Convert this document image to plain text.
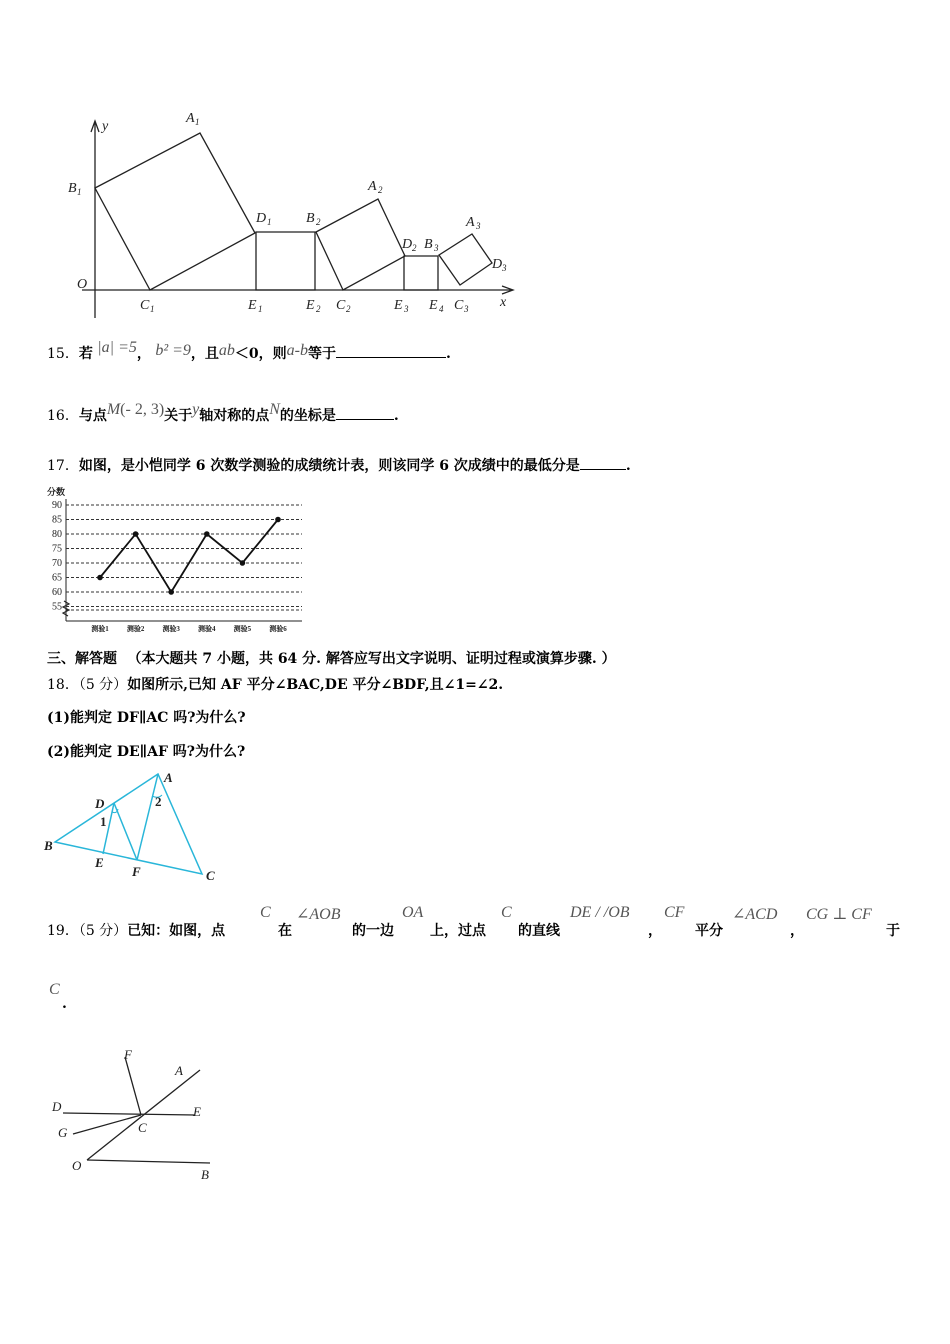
y
A 1
B 1	A 2
D 1 B 2
D 2 B 3
A 3
D 3
O
C 1	E 1	E 2 C 2	E 3 E 4 C 3 x
15．若 |a| =5， b² =9，且ab＜0，则a-b等于	.
16．与点M(- 2, 3)关于y轴对称的点N的坐标是	.
17．如图，是小恺同学 6 次数学测验的成绩统计表，则该同学 6 次成绩中的最低分是	.
分数
55
60
65
70
75
80
85
90
测验1	测验2	测验3	测验4	测验5	测验6
三、解答题 （本大题共 7 小题，共 64 分. 解答应写出文字说明、证明过程或演算步骤. ）
18．（5 分）如图所示,已知 AF 平分∠BAC,DE 平分∠BDF,且∠1=∠2.
(1)能判定 DF∥AC 吗?为什么?
(2)能判定 DE∥AF 吗?为什么?
A
B
C
D
E
F
1
2
19．（5 分）已知：如图，点
C
在
∠AOB
的一边
OA
上，过点
C
的直线
DE / /OB
，
CF
平分
∠ACD
，
CG ⊥ CF
于
C
.
F
A
D	E
G	C
O
B
